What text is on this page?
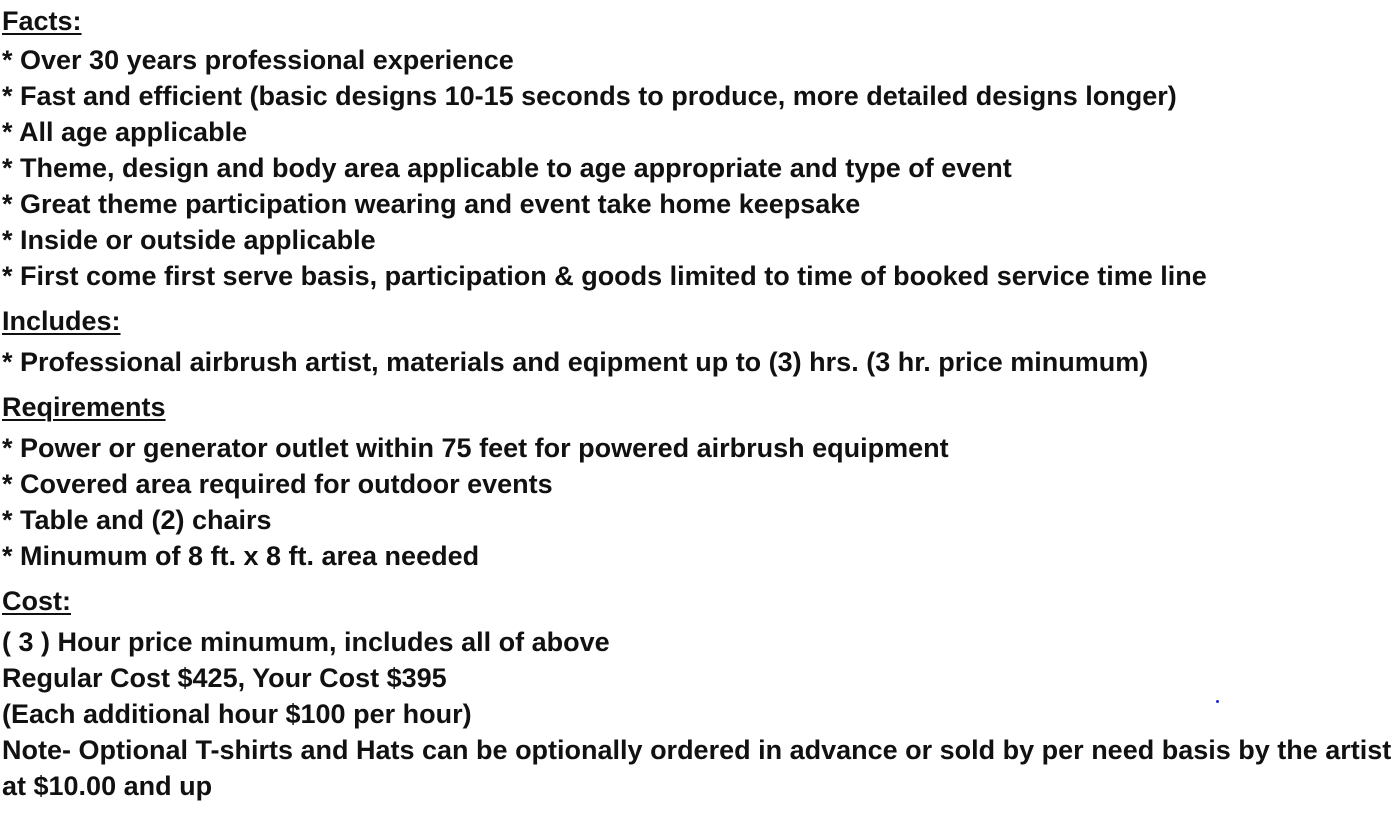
Facts:
* Over 30 years professional experience
* Fast and efficient (basic designs 10-15 seconds to produce, more detailed designs longer)
* All age applicable
* Theme, design and body area applicable to age appropriate and type of event
* Great theme participation wearing and event take home keepsake
* Inside or outside applicable
* First come first serve basis, participation & goods limited to time of booked service time line
Includes:
* Professional airbrush artist, materials and eqipment up to (3) hrs. (3 hr. price minumum)
Reqirements
* Power or generator outlet within 75 feet for powered airbrush equipment
* Covered area required for outdoor events
* Table and (2) chairs
* Minumum of 8 ft. x 8 ft. area needed
Cost:
( 3 ) Hour price minumum, includes all of above
Regular Cost $425, Your Cost $395
(Each additional hour $100 per hour)
Note- Optional T-shirts and Hats can be optionally ordered in advance or sold by per need basis by the artist at $10.00 and up
